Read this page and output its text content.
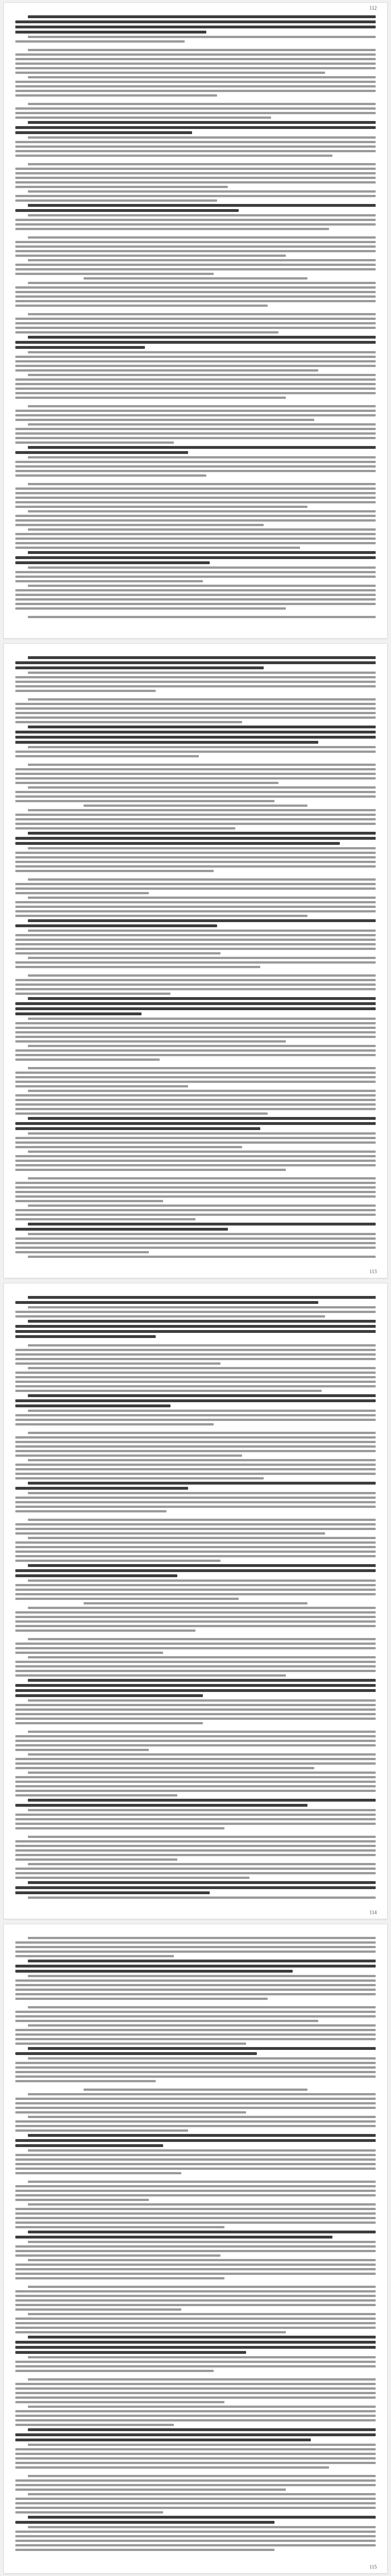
112
113
114
115
